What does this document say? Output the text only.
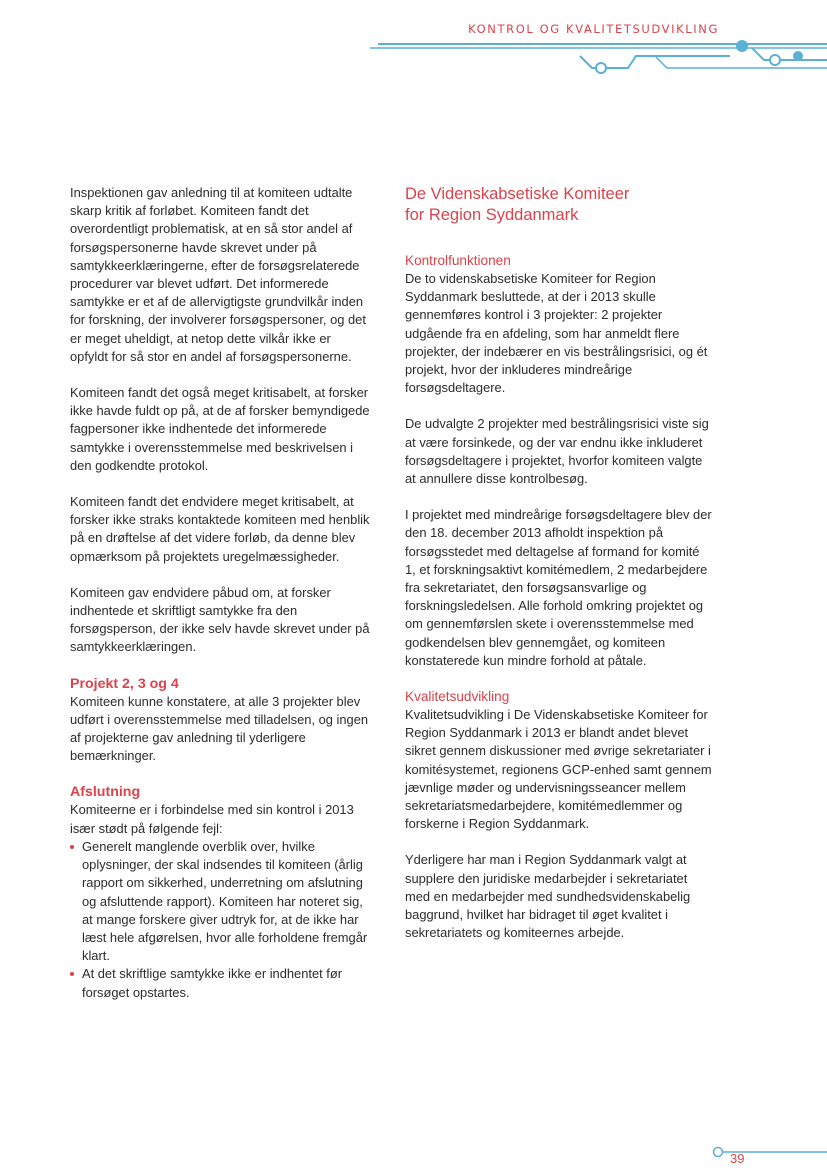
KONTROL OG KVALITETSUDVIKLING

Inspektionen gav anledning til at komiteen udtalte skarp kritik af forløbet. Komiteen fandt det overordentligt problematisk, at en så stor andel af forsøgspersonerne havde skrevet under på samtykkeerklæringerne, efter de forsøgsrelaterede procedurer var blevet udført. Det informerede samtykke er et af de allervigtigste grundvilkår inden for forskning, der involverer forsøgspersoner, og det er meget uheldigt, at netop dette vilkår ikke er opfyldt for så stor en andel af forsøgspersonerne.

Komiteen fandt det også meget kritisabelt, at forsker ikke havde fuldt op på, at de af forsker bemyndigede fagpersoner ikke indhentede det informerede samtykke i overensstemmelse med beskrivelsen i den godkendte protokol.

Komiteen fandt det endvidere meget kritisabelt, at forsker ikke straks kontaktede komiteen med henblik på en drøftelse af det videre forløb, da denne blev opmærksom på projektets uregelmæssigheder.

Komiteen gav endvidere påbud om, at forsker indhentede et skriftligt samtykke fra den forsøgsperson, der ikke selv havde skrevet under på samtykkeerklæringen.

Projekt 2, 3 og 4

Komiteen kunne konstatere, at alle 3 projekter blev udført i overensstemmelse med tilladelsen, og ingen af projekterne gav anledning til yderligere bemærkninger.

Afslutning

Komiteerne er i forbindelse med sin kontrol i 2013 især stødt på følgende fejl:

Generelt manglende overblik over, hvilke oplysninger, der skal indsendes til komiteen (årlig rapport om sikkerhed, underretning om afslutning og afsluttende rapport). Komiteen har noteret sig, at mange forskere giver udtryk for, at de ikke har læst hele afgørelsen, hvor alle forholdene fremgår klart.
At det skriftlige samtykke ikke er indhentet før forsøget opstartes.
De Videnskabsetiske Komiteer
for Region Syddanmark
Kontrolfunktionen

De to videnskabsetiske Komiteer for Region Syddanmark besluttede, at der i 2013 skulle gennemføres kontrol i 3 projekter: 2 projekter udgående fra en afdeling, som har anmeldt flere projekter, der indebærer en vis bestrålingsrisici, og ét projekt, hvor der inkluderes mindreårige forsøgsdeltagere.

De udvalgte 2 projekter med bestrålingsrisici viste sig at være forsinkede, og der var endnu ikke inkluderet forsøgsdeltagere i projektet, hvorfor komiteen valgte at annullere disse kontrolbesøg.

I projektet med mindreårige forsøgsdeltagere blev der den 18. december 2013 afholdt inspektion på forsøgsstedet med deltagelse af formand for komité 1, et forskningsaktivt komitémedlem, 2 medarbejdere fra sekretariatet, den forsøgsansvarlige og forskningsledelsen. Alle forhold omkring projektet og om gennemførslen skete i overensstemmelse med godkendelsen blev gennemgået, og komiteen konstaterede kun mindre forhold at påtale.

Kvalitetsudvikling

Kvalitetsudvikling i De Videnskabsetiske Komiteer for Region Syddanmark i 2013 er blandt andet blevet sikret gennem diskussioner med øvrige sekretariater i komitésystemet, regionens GCP-enhed samt gennem jævnlige møder og undervisningsseancer mellem sekretariatsmedarbejdere, komitémedlemmer og forskerne i Region Syddanmark.

Yderligere har man i Region Syddanmark valgt at supplere den juridiske medarbejder i sekretariatet med en medarbejder med sundhedsvidenskabelig baggrund, hvilket har bidraget til øget kvalitet i sekretariatets og komiteernes arbejde.

39
